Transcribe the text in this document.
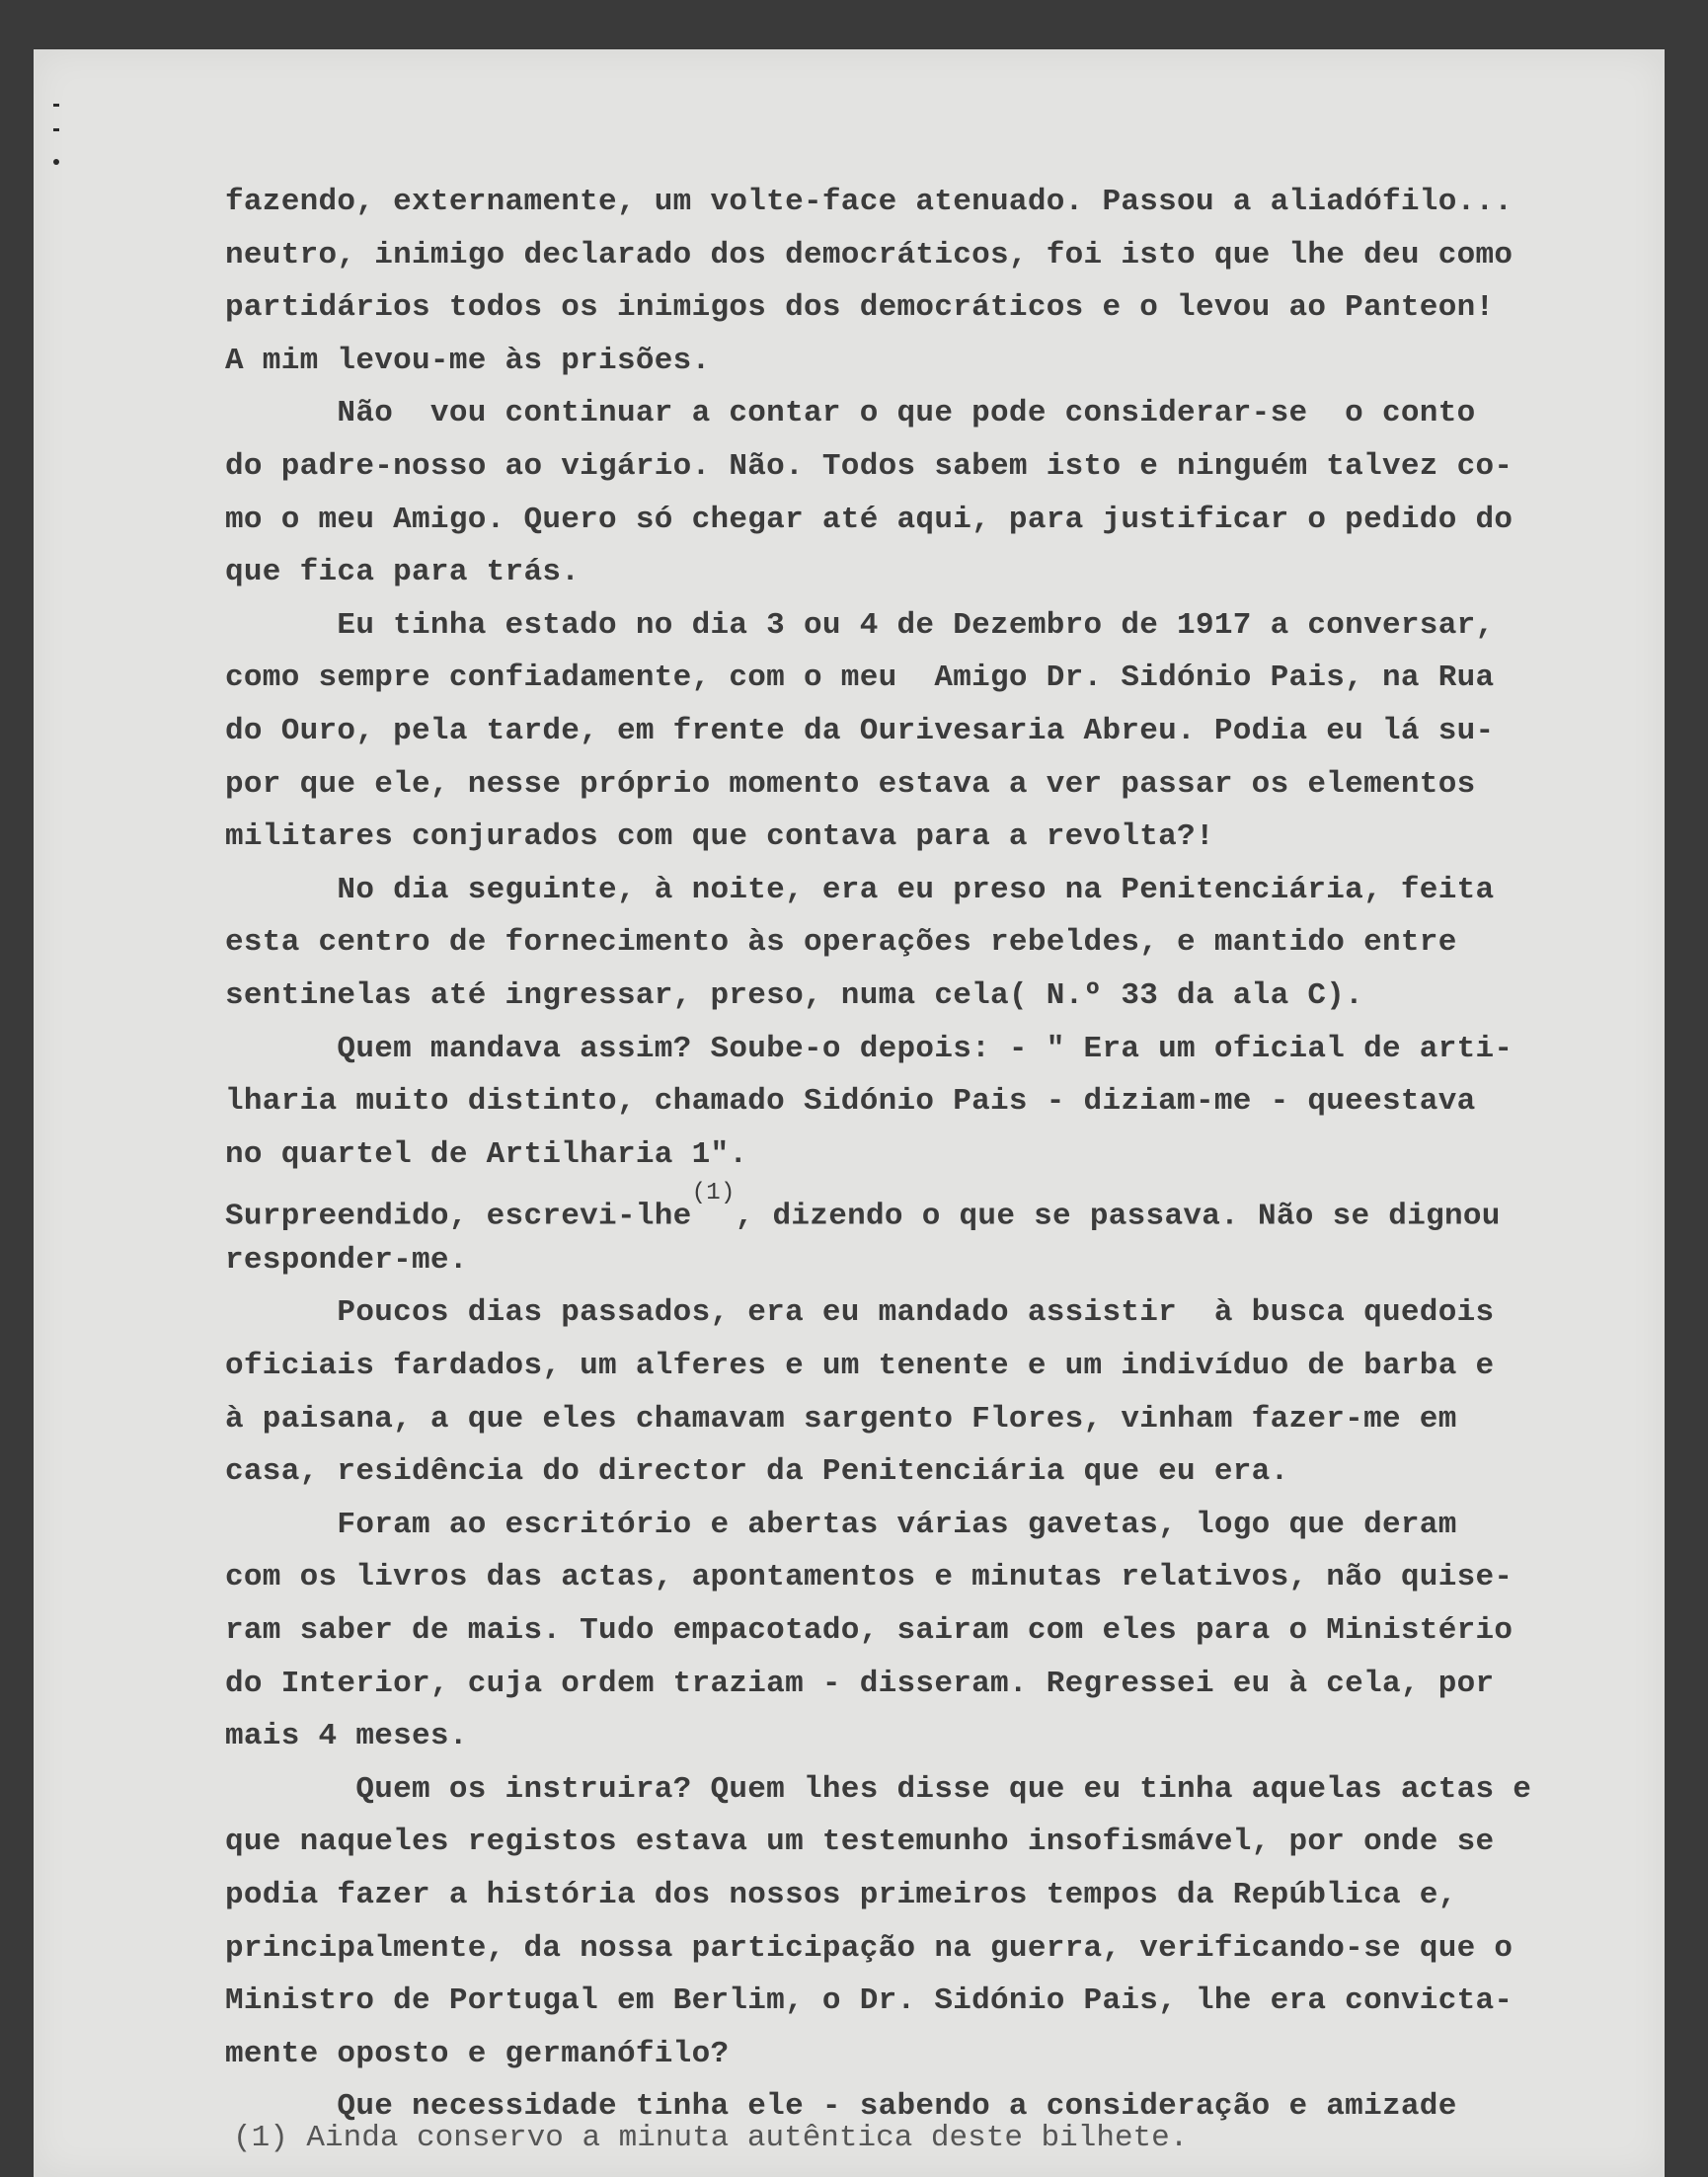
fazendo, externamente, um volte-face atenuado. Passou a aliadófilo...
neutro, inimigo declarado dos democráticos, foi isto que lhe deu como
partidários todos os inimigos dos democráticos e o levou ao Panteon!
A mim levou-me às prisões.
Não  vou continuar a contar o que pode considerar-se  o conto
do padre-nosso ao vigário. Não. Todos sabem isto e ninguém talvez co-
mo o meu Amigo. Quero só chegar até aqui, para justificar o pedido do
que fica para trás.
Eu tinha estado no dia 3 ou 4 de Dezembro de 1917 a conversar,
como sempre confiadamente, com o meu  Amigo Dr. Sidónio Pais, na Rua
do Ouro, pela tarde, em frente da Ourivesaria Abreu. Podia eu lá su-
por que ele, nesse próprio momento estava a ver passar os elementos
militares conjurados com que contava para a revolta?!
No dia seguinte, à noite, era eu preso na Penitenciária, feita
esta centro de fornecimento às operações rebeldes, e mantido entre
sentinelas até ingressar, preso, numa cela( N.º 33 da ala C).
Quem mandava assim? Soube-o depois: - " Era um oficial de arti-
lharia muito distinto, chamado Sidónio Pais - diziam-me - queestava
no quartel de Artilharia 1".
Surpreendido, escrevi-lhe$^{(1)}$, dizendo o que se passava. Não se dignou
responder-me.
Poucos dias passados, era eu mandado assistir  à busca quedois
oficiais fardados, um alferes e um tenente e um indivíduo de barba e
à paisana, a que eles chamavam sargento Flores, vinham fazer-me em
casa, residência do director da Penitenciária que eu era.
Foram ao escritório e abertas várias gavetas, logo que deram
com os livros das actas, apontamentos e minutas relativos, não quise-
ram saber de mais. Tudo empacotado, sairam com eles para o Ministério
do Interior, cuja ordem traziam - disseram. Regressei eu à cela, por
mais 4 meses.
Quem os instruira? Quem lhes disse que eu tinha aquelas actas e
que naqueles registos estava um testemunho insofismável, por onde se
podia fazer a história dos nossos primeiros tempos da República e,
principalmente, da nossa participação na guerra, verificando-se que o
Ministro de Portugal em Berlim, o Dr. Sidónio Pais, lhe era convicta-
mente oposto e germanófilo?
Que necessidade tinha ele - sabendo a consideração e amizade
(1) Ainda conservo a minuta autêntica deste bilhete.
